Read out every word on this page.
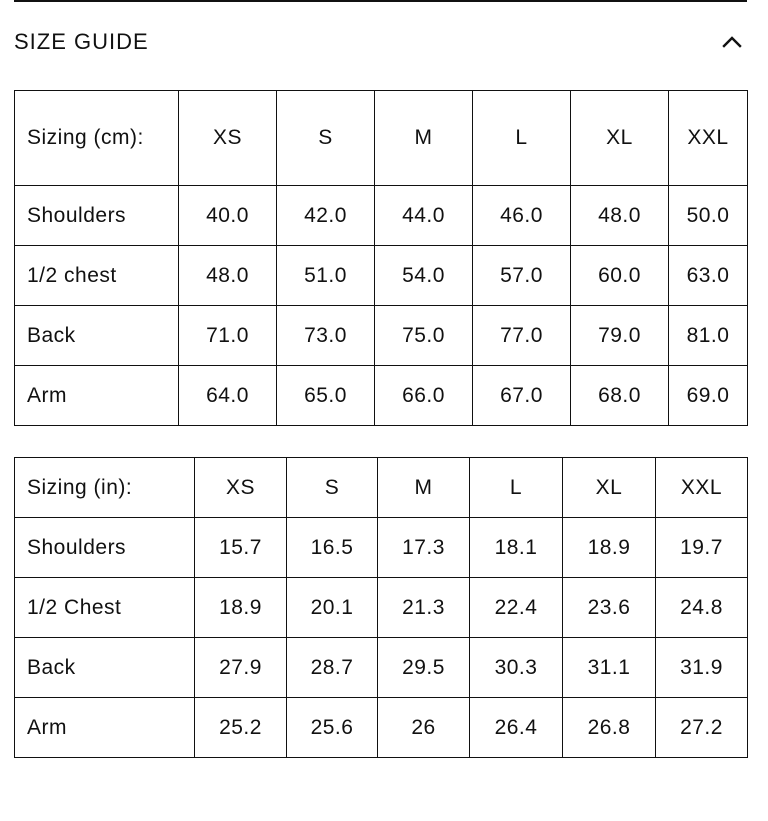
SIZE GUIDE
Sizing (cm):	XS	S	M	L	XL	XXL
Shoulders	40.0	42.0	44.0	46.0	48.0	50.0
1/2 chest	48.0	51.0	54.0	57.0	60.0	63.0
Back	71.0	73.0	75.0	77.0	79.0	81.0
Arm	64.0	65.0	66.0	67.0	68.0	69.0
Sizing (in):	XS	S	M	L	XL	XXL
Shoulders	15.7	16.5	17.3	18.1	18.9	19.7
1/2 Chest	18.9	20.1	21.3	22.4	23.6	24.8
Back	27.9	28.7	29.5	30.3	31.1	31.9
Arm	25.2	25.6	26	26.4	26.8	27.2
